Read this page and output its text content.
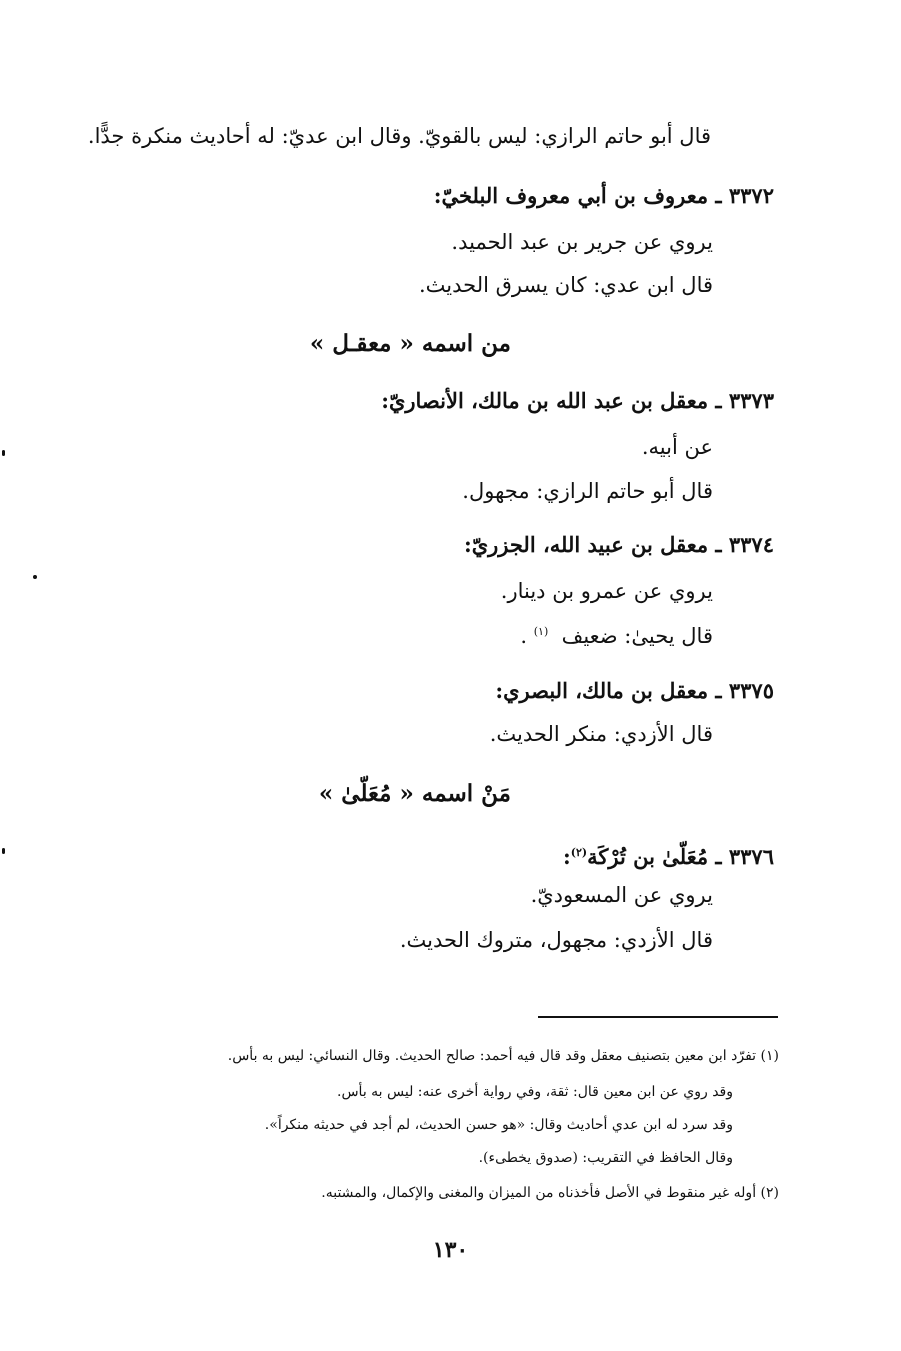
قال أبو حاتم الرازي: ليس بالقويّ. وقال ابن عديّ: له أحاديث منكرة جدًّا.

٣٣٧٢ ـ معروف بن أبي معروف البلخيّ:

يروي عن جرير بن عبد الحميد.

قال ابن عدي: كان يسرق الحديث.

من اسمه « معقـل »

٣٣٧٣ ـ معقل بن عبد الله بن مالك، الأنصاريّ:

عن أبيه.

قال أبو حاتم الرازي: مجهول.

٣٣٧٤ ـ معقل بن عبيد الله، الجزريّ:

يروي عن عمرو بن دينار.

قال يحيىٰ: ضعيف  $^{(١)}$ .

٣٣٧٥ ـ معقل بن مالك، البصري:

قال الأزدي: منكر الحديث.

مَنْ اسمه « مُعَلّىٰ »

٣٣٧٦ ـ مُعَلّىٰ بن تُرْكَة$^{(٢)}$:

يروي عن المسعوديّ.

قال الأزدي: مجهول، متروك الحديث.

(١) تفرّد ابن معين بتصنيف معقل وقد قال فيه أحمد: صالح الحديث. وقال النسائي: ليس به بأس.

وقد روي عن ابن معين قال: ثقة، وفي رواية أخرى عنه: ليس به بأس.

وقد سرد له ابن عدي أحاديث وقال: «هو حسن الحديث، لم أجد في حديثه منكراً».

وقال الحافظ في التقريب: (صدوق يخطىء).

(٢) أوله غير منقوط في الأصل فأخذناه من الميزان والمغنى والإكمال، والمشتبه.

١٣٠
